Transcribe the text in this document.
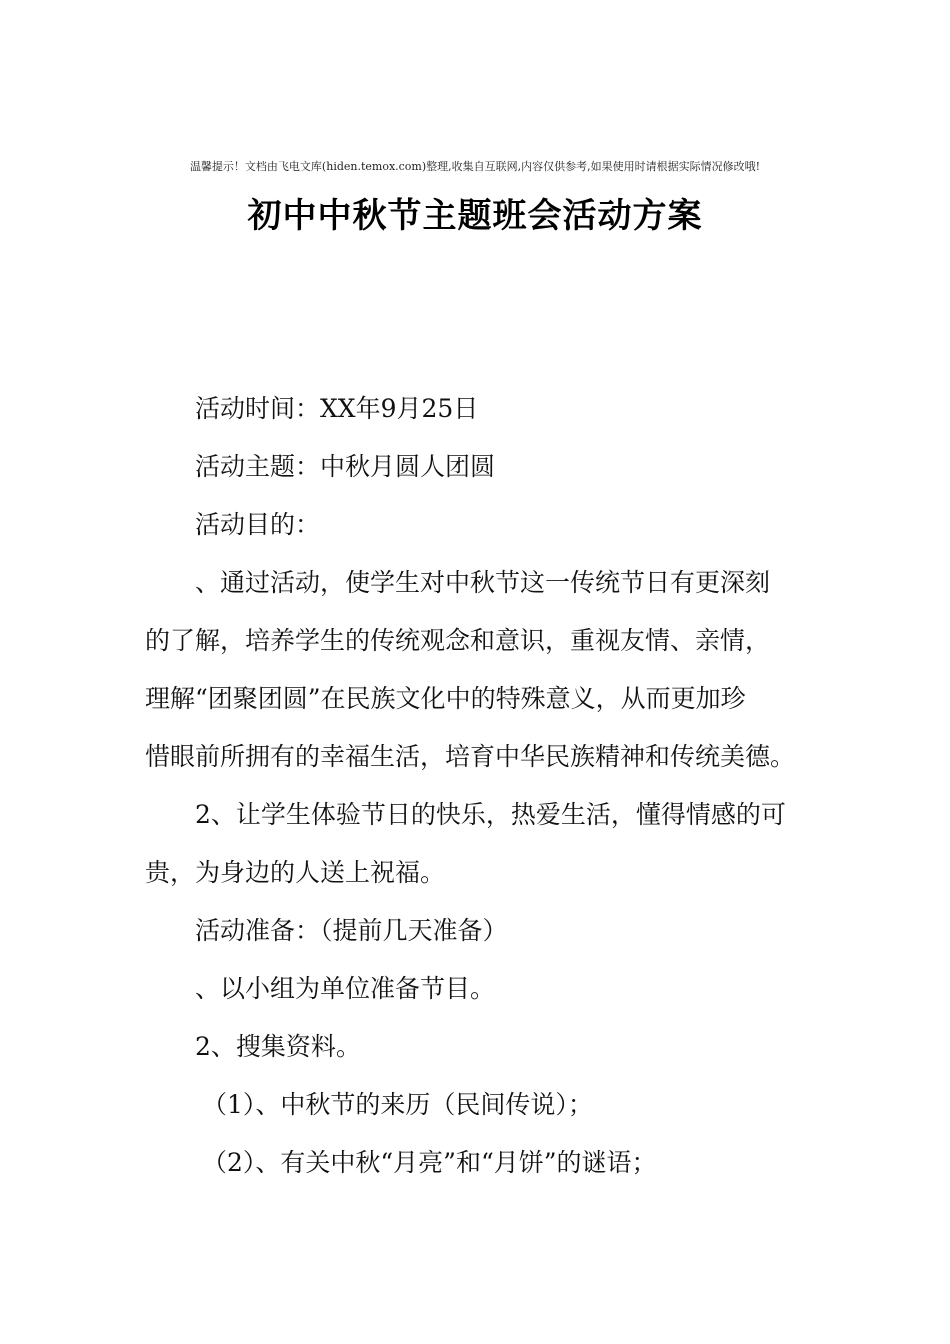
温馨提示！文档由飞电文库(hiden.temox.com)整理,收集自互联网,内容仅供参考,如果使用时请根据实际情况修改哦!
初中中秋节主题班会活动方案
活动时间：XX年9月25日
活动主题：中秋月圆人团圆
活动目的：
、通过活动，使学生对中秋节这一传统节日有更深刻
的了解，培养学生的传统观念和意识，重视友情、亲情，
理解“团聚团圆”在民族文化中的特殊意义，从而更加珍
惜眼前所拥有的幸福生活，培育中华民族精神和传统美德。
2、让学生体验节日的快乐，热爱生活，懂得情感的可
贵，为身边的人送上祝福。
活动准备：（提前几天准备）
、以小组为单位准备节目。
2、搜集资料。
（1）、中秋节的来历（民间传说）；
（2）、有关中秋“月亮”和“月饼”的谜语；
